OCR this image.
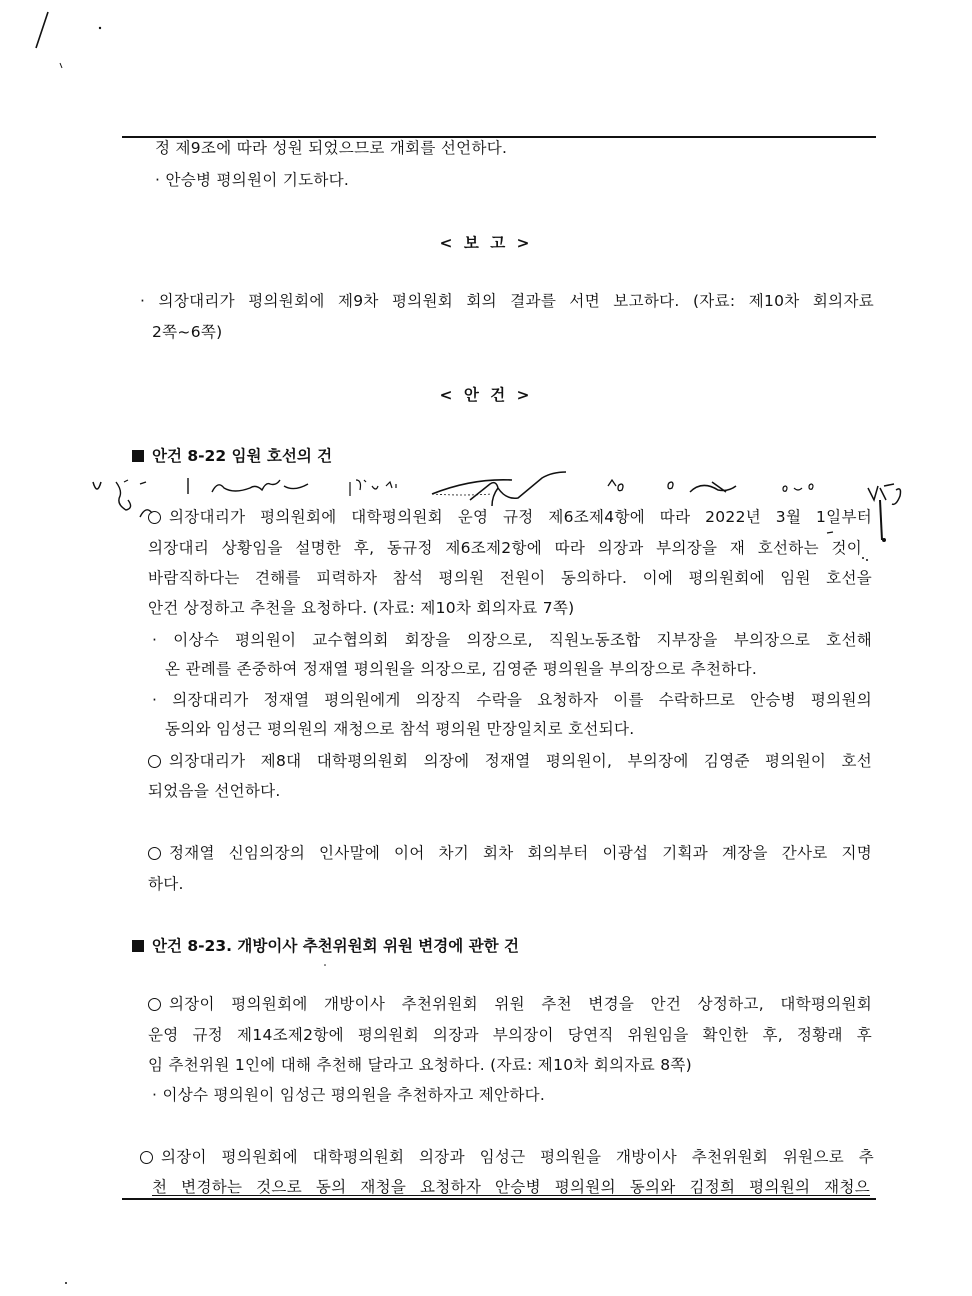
정 제9조에 따라 성원 되었으므로 개회를 선언하다.
· 안승병 평의원이 기도하다.
< 보 고 >
· 의장대리가 평의원회에 제9차 평의원회 회의 결과를 서면 보고하다. (자료: 제10차 회의자료
2쪽~6쪽)
< 안 건 >
안건 8-22 임원 호선의 건
의장대리가 평의원회에 대학평의원회 운영 규정 제6조제4항에 따라 2022년 3월 1일부터
의장대리 상황임을 설명한 후, 동규정 제6조제2항에 따라 의장과 부의장을 재 호선하는 것이
바람직하다는 견해를 피력하자 참석 평의원 전원이 동의하다. 이에 평의원회에 임원 호선을
안건 상정하고 추천을 요청하다. (자료: 제10차 회의자료 7쪽)
· 이상수 평의원이 교수협의회 회장을 의장으로, 직원노동조합 지부장을 부의장으로 호선해
온 관례를 존중하여 정재열 평의원을 의장으로, 김영준 평의원을 부의장으로 추천하다.
· 의장대리가 정재열 평의원에게 의장직 수락을 요청하자 이를 수락하므로 안승병 평의원의
동의와 임성근 평의원의 재청으로 참석 평의원 만장일치로 호선되다.
의장대리가 제8대 대학평의원회 의장에 정재열 평의원이, 부의장에 김영준 평의원이 호선
되었음을 선언하다.
정재열 신임의장의 인사말에 이어 차기 회차 회의부터 이광섭 기획과 계장을 간사로 지명
하다.
안건 8-23. 개방이사 추천위원회 위원 변경에 관한 건
의장이 평의원회에 개방이사 추천위원회 위원 추천 변경을 안건 상정하고, 대학평의원회
운영 규정 제14조제2항에 평의원회 의장과 부의장이 당연직 위원임을 확인한 후, 정황래 후
임 추천위원 1인에 대해 추천해 달라고 요청하다. (자료: 제10차 회의자료 8쪽)
· 이상수 평의원이 임성근 평의원을 추천하자고 제안하다.
의장이 평의원회에 대학평의원회 의장과 임성근 평의원을 개방이사 추천위원회 위원으로 추
천 변경하는 것으로 동의 재청을 요청하자 안승병 평의원의 동의와 김정희 평의원의 재청으
